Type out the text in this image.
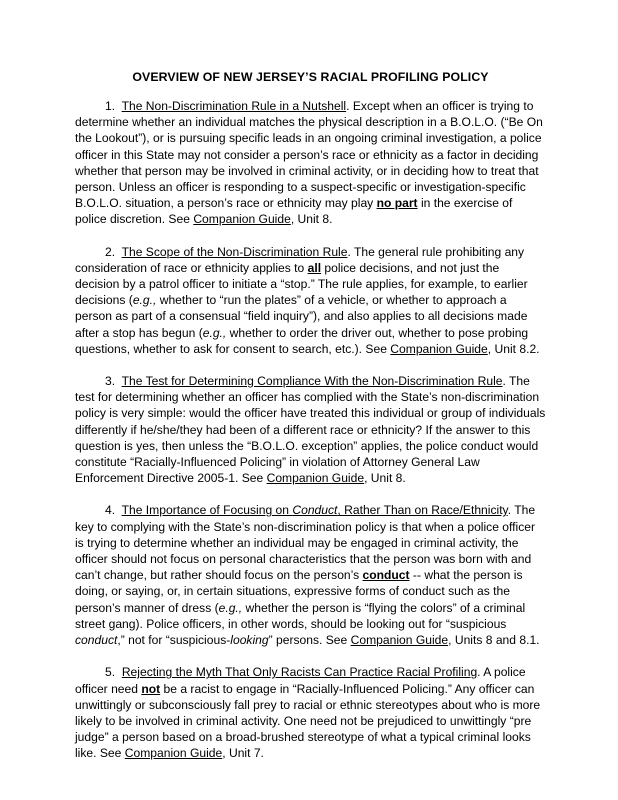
OVERVIEW OF NEW JERSEY’S RACIAL PROFILING POLICY

1. The Non-Discrimination Rule in a Nutshell. Except when an officer is trying to determine whether an individual matches the physical description in a B.O.L.O. (“Be On the Lookout”), or is pursuing specific leads in an ongoing criminal investigation, a police officer in this State may not consider a person’s race or ethnicity as a factor in deciding whether that person may be involved in criminal activity, or in deciding how to treat that person. Unless an officer is responding to a suspect-specific or investigation-specific B.O.L.O. situation, a person’s race or ethnicity may play no part in the exercise of police discretion. See Companion Guide, Unit 8.

2. The Scope of the Non-Discrimination Rule. The general rule prohibiting any consideration of race or ethnicity applies to all police decisions, and not just the decision by a patrol officer to initiate a “stop.” The rule applies, for example, to earlier decisions (e.g., whether to “run the plates” of a vehicle, or whether to approach a person as part of a consensual “field inquiry”), and also applies to all decisions made after a stop has begun (e.g., whether to order the driver out, whether to pose probing questions, whether to ask for consent to search, etc.). See Companion Guide, Unit 8.2.

3. The Test for Determining Compliance With the Non-Discrimination Rule. The test for determining whether an officer has complied with the State’s non-discrimination policy is very simple: would the officer have treated this individual or group of individuals differently if he/she/they had been of a different race or ethnicity? If the answer to this question is yes, then unless the “B.O.L.O. exception” applies, the police conduct would constitute “Racially-Influenced Policing” in violation of Attorney General Law Enforcement Directive 2005-1. See Companion Guide, Unit 8.

4. The Importance of Focusing on Conduct, Rather Than on Race/Ethnicity. The key to complying with the State’s non-discrimination policy is that when a police officer is trying to determine whether an individual may be engaged in criminal activity, the officer should not focus on personal characteristics that the person was born with and can’t change, but rather should focus on the person’s conduct -- what the person is doing, or saying, or, in certain situations, expressive forms of conduct such as the person’s manner of dress (e.g., whether the person is “flying the colors” of a criminal street gang). Police officers, in other words, should be looking out for “suspicious conduct,” not for “suspicious-looking” persons. See Companion Guide, Units 8 and 8.1.

5. Rejecting the Myth That Only Racists Can Practice Racial Profiling. A police officer need not be a racist to engage in “Racially-Influenced Policing.” Any officer can unwittingly or subconsciously fall prey to racial or ethnic stereotypes about who is more likely to be involved in criminal activity. One need not be prejudiced to unwittingly “pre judge” a person based on a broad-brushed stereotype of what a typical criminal looks like. See Companion Guide, Unit 7.
